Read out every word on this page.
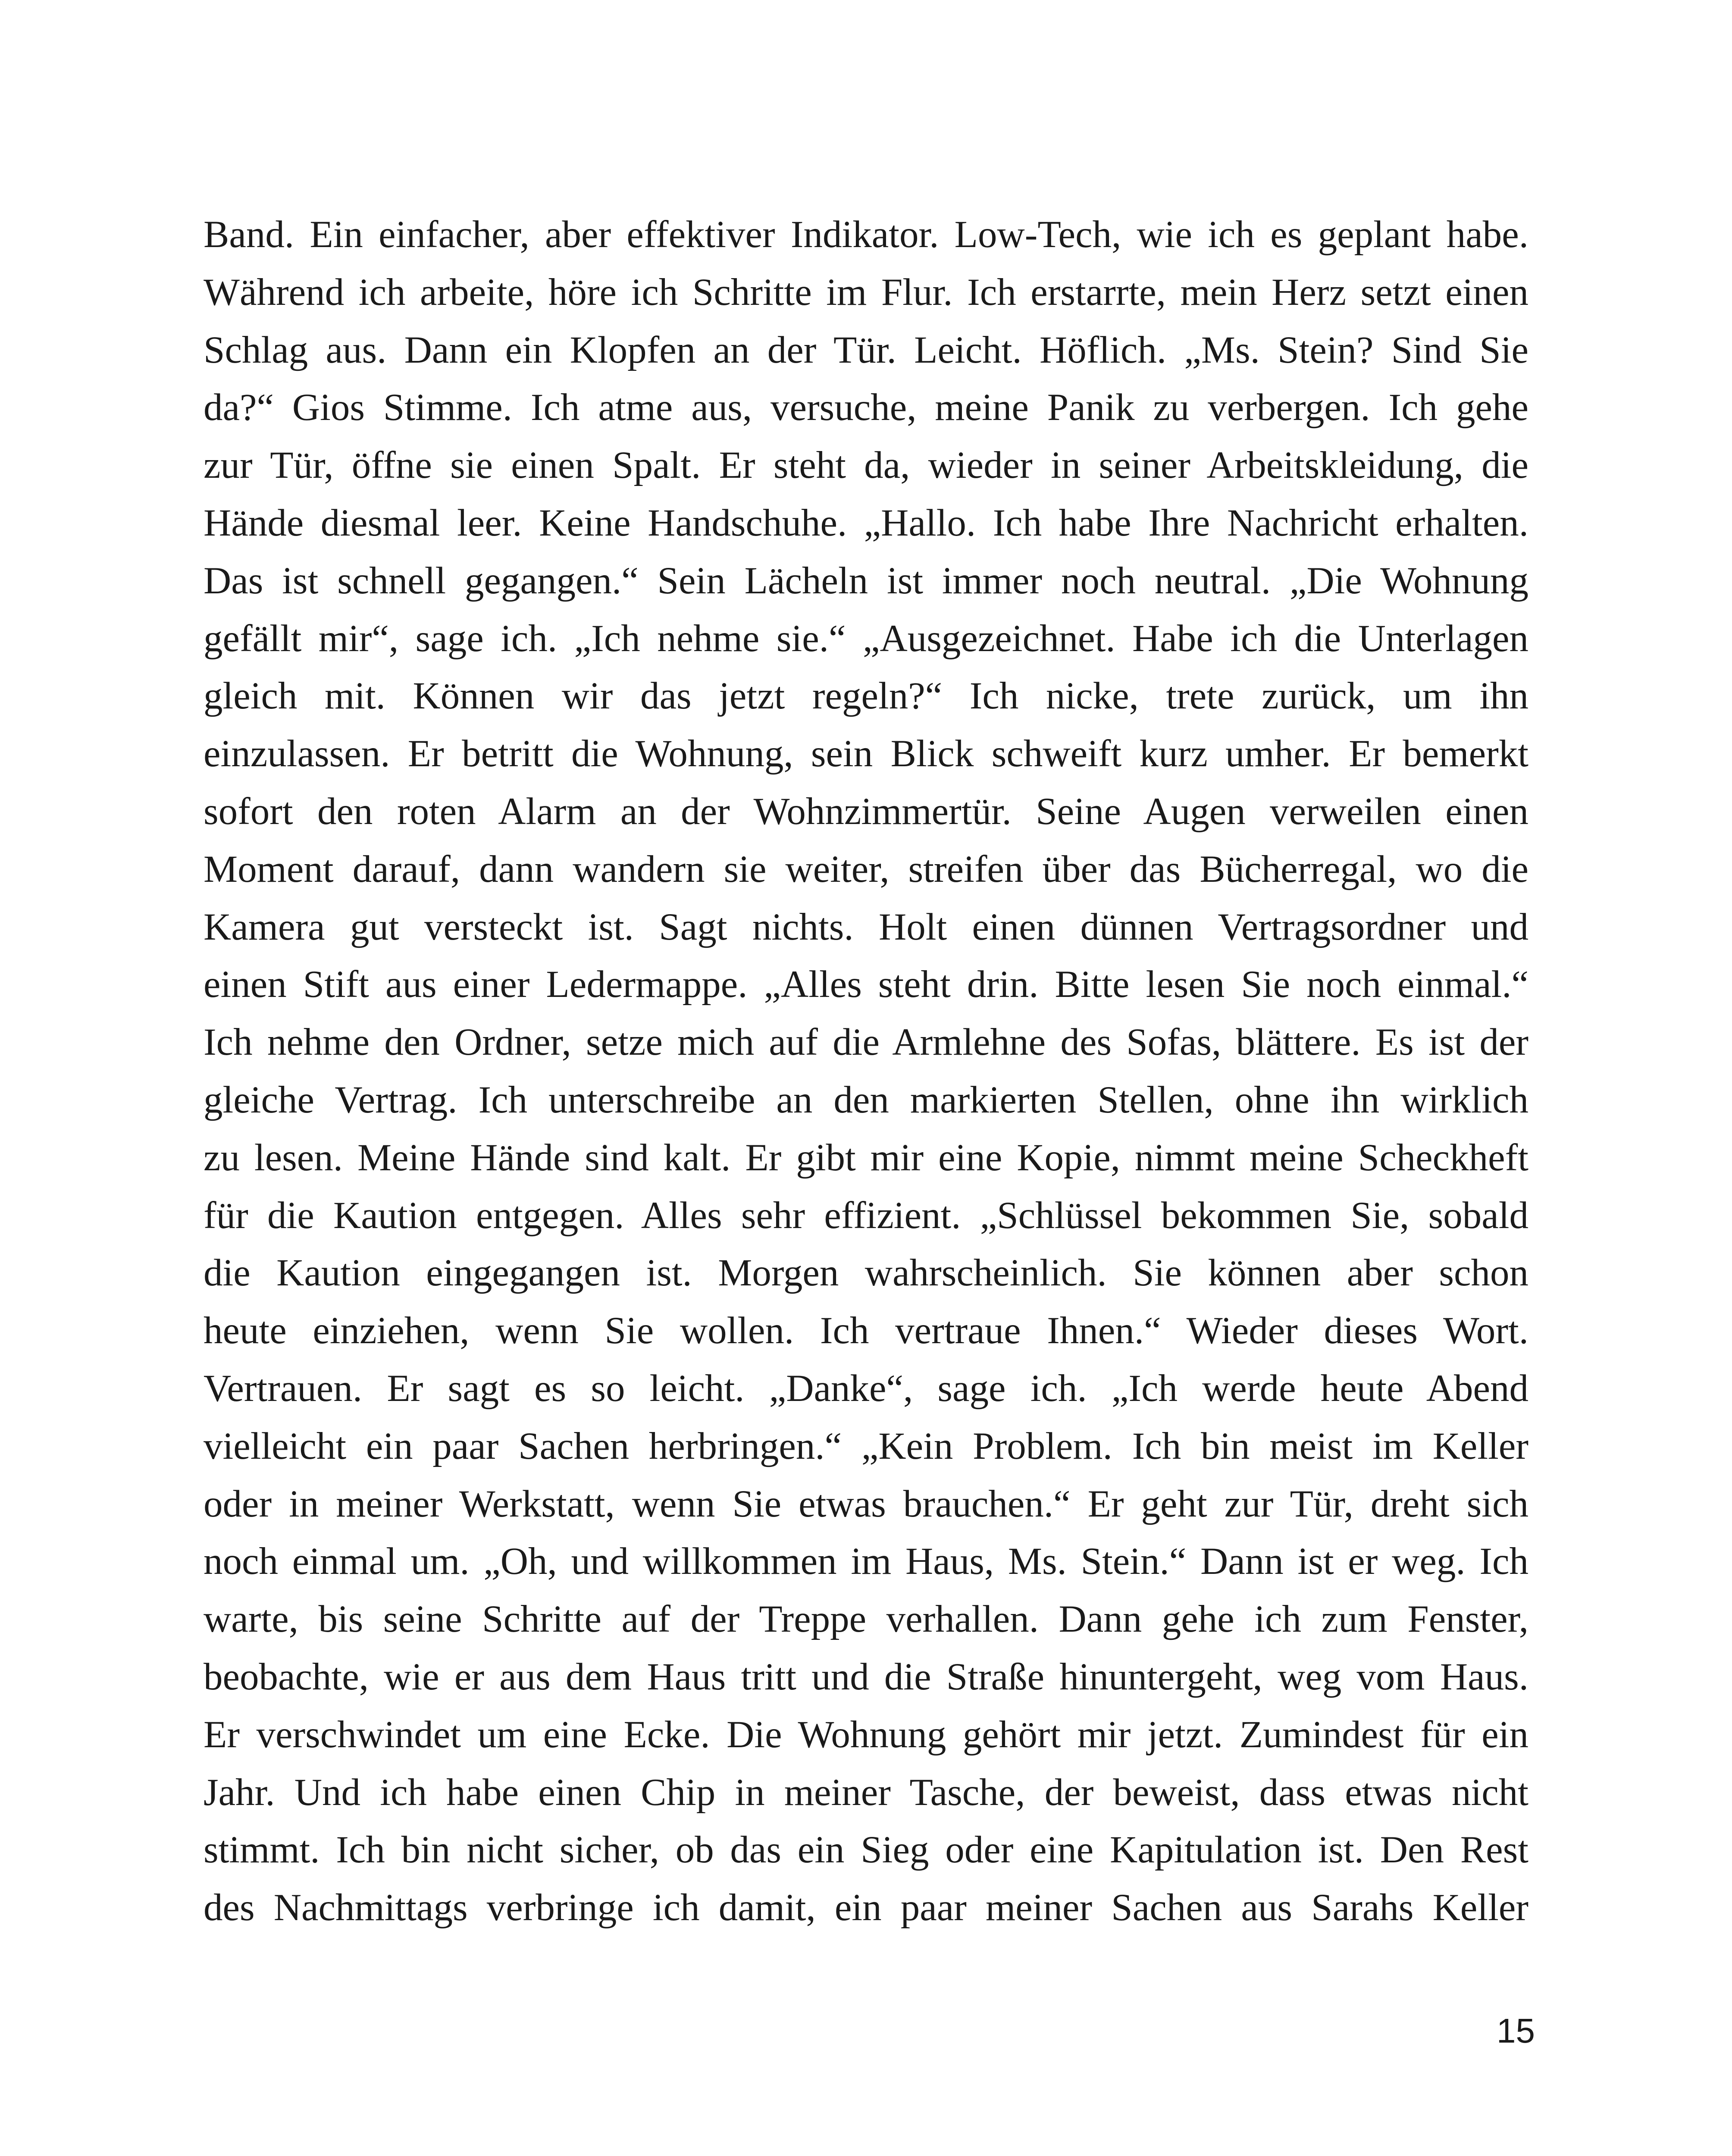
Band. Ein einfacher, aber effektiver Indikator. Low-Tech, wie ich es geplant habe.
Während ich arbeite, höre ich Schritte im Flur. Ich erstarrte, mein Herz setzt einen
Schlag aus. Dann ein Klopfen an der Tür. Leicht. Höflich. „Ms. Stein? Sind Sie
da?“ Gios Stimme. Ich atme aus, versuche, meine Panik zu verbergen. Ich gehe
zur Tür, öffne sie einen Spalt. Er steht da, wieder in seiner Arbeitskleidung, die
Hände diesmal leer. Keine Handschuhe. „Hallo. Ich habe Ihre Nachricht erhalten.
Das ist schnell gegangen.“ Sein Lächeln ist immer noch neutral. „Die Wohnung
gefällt mir“, sage ich. „Ich nehme sie.“ „Ausgezeichnet. Habe ich die Unterlagen
gleich mit. Können wir das jetzt regeln?“ Ich nicke, trete zurück, um ihn
einzulassen. Er betritt die Wohnung, sein Blick schweift kurz umher. Er bemerkt
sofort den roten Alarm an der Wohnzimmertür. Seine Augen verweilen einen
Moment darauf, dann wandern sie weiter, streifen über das Bücherregal, wo die
Kamera gut versteckt ist. Sagt nichts. Holt einen dünnen Vertragsordner und
einen Stift aus einer Ledermappe. „Alles steht drin. Bitte lesen Sie noch einmal.“
Ich nehme den Ordner, setze mich auf die Armlehne des Sofas, blättere. Es ist der
gleiche Vertrag. Ich unterschreibe an den markierten Stellen, ohne ihn wirklich
zu lesen. Meine Hände sind kalt. Er gibt mir eine Kopie, nimmt meine Scheckheft
für die Kaution entgegen. Alles sehr effizient. „Schlüssel bekommen Sie, sobald
die Kaution eingegangen ist. Morgen wahrscheinlich. Sie können aber schon
heute einziehen, wenn Sie wollen. Ich vertraue Ihnen.“ Wieder dieses Wort.
Vertrauen. Er sagt es so leicht. „Danke“, sage ich. „Ich werde heute Abend
vielleicht ein paar Sachen herbringen.“ „Kein Problem. Ich bin meist im Keller
oder in meiner Werkstatt, wenn Sie etwas brauchen.“ Er geht zur Tür, dreht sich
noch einmal um. „Oh, und willkommen im Haus, Ms. Stein.“ Dann ist er weg. Ich
warte, bis seine Schritte auf der Treppe verhallen. Dann gehe ich zum Fenster,
beobachte, wie er aus dem Haus tritt und die Straße hinuntergeht, weg vom Haus.
Er verschwindet um eine Ecke. Die Wohnung gehört mir jetzt. Zumindest für ein
Jahr. Und ich habe einen Chip in meiner Tasche, der beweist, dass etwas nicht
stimmt. Ich bin nicht sicher, ob das ein Sieg oder eine Kapitulation ist. Den Rest
des Nachmittags verbringe ich damit, ein paar meiner Sachen aus Sarahs Keller
15
